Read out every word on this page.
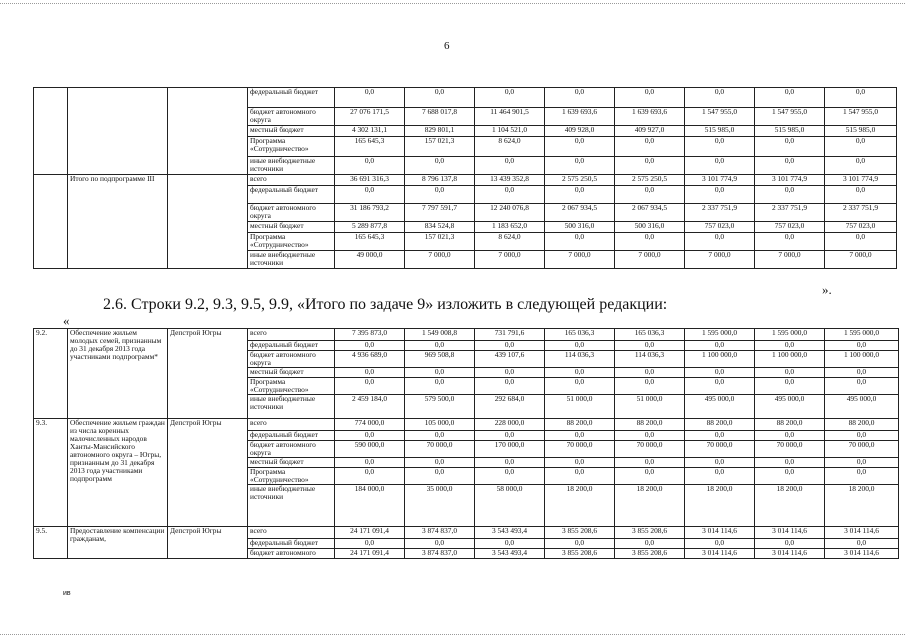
6
			федеральный бюджет	0,0	0,0	0,0	0,0	0,0	0,0	0,0	0,0
			бюджет автономного округа	27 076 171,5	7 688 017,8	11 464 901,5	1 639 693,6	1 639 693,6	1 547 955,0	1 547 955,0	1 547 955,0
			местный бюджет	4 302 131,1	829 801,1	1 104 521,0	409 928,0	409 927,0	515 985,0	515 985,0	515 985,0
			Программа «Сотрудничество»	165 645,3	157 021,3	8 624,0	0,0	0,0	0,0	0,0	0,0
			иные внебюджетные источники	0,0	0,0	0,0	0,0	0,0	0,0	0,0	0,0
	Итого по подпрограмме III		всего	36 691 316,3	8 796 137,8	13 439 352,8	2 575 250,5	2 575 250,5	3 101 774,9	3 101 774,9	3 101 774,9
			федеральный бюджет	0,0	0,0	0,0	0,0	0,0	0,0	0,0	0,0
			бюджет автономного округа	31 186 793,2	7 797 591,7	12 240 076,8	2 067 934,5	2 067 934,5	2 337 751,9	2 337 751,9	2 337 751,9
			местный бюджет	5 289 877,8	834 524,8	1 183 652,0	500 316,0	500 316,0	757 023,0	757 023,0	757 023,0
			Программа «Сотрудничество»	165 645,3	157 021,3	8 624,0	0,0	0,0	0,0	0,0	0,0
			иные внебюджетные источники	49 000,0	7 000,0	7 000,0	7 000,0	7 000,0	7 000,0	7 000,0	7 000,0
».
2.6. Строки 9.2, 9.3, 9.5, 9.9, «Итого по задаче 9» изложить в следующей редакции:
«
9.2.	Обеспечение жильем молодых семей, признанным до 31 декабря 2013 года участниками подпрограмм*	Депстрой Югры	всего	7 395 873,0	1 549 008,8	731 791,6	165 036,3	165 036,3	1 595 000,0	1 595 000,0	1 595 000,0
			федеральный бюджет	0,0	0,0	0,0	0,0	0,0	0,0	0,0	0,0
			бюджет автономного округа	4 936 689,0	969 508,8	439 107,6	114 036,3	114 036,3	1 100 000,0	1 100 000,0	1 100 000,0
			местный бюджет	0,0	0,0	0,0	0,0	0,0	0,0	0,0	0,0
			Программа «Сотрудничество»	0,0	0,0	0,0	0,0	0,0	0,0	0,0	0,0
			иные внебюджетные источники	2 459 184,0	579 500,0	292 684,0	51 000,0	51 000,0	495 000,0	495 000,0	495 000,0
9.3.	Обеспечение жильем граждан из числа коренных малочисленных народов Ханты-Мансийского автономного округа – Югры, признанным до 31 декабря 2013 года участниками подпрограмм	Депстрой Югры	всего	774 000,0	105 000,0	228 000,0	88 200,0	88 200,0	88 200,0	88 200,0	88 200,0
			федеральный бюджет	0,0	0,0	0,0	0,0	0,0	0,0	0,0	0,0
			бюджет автономного округа	590 000,0	70 000,0	170 000,0	70 000,0	70 000,0	70 000,0	70 000,0	70 000,0
			местный бюджет	0,0	0,0	0,0	0,0	0,0	0,0	0,0	0,0
			Программа «Сотрудничество»	0,0	0,0	0,0	0,0	0,0	0,0	0,0	0,0
			иные внебюджетные источники	184 000,0	35 000,0	58 000,0	18 200,0	18 200,0	18 200,0	18 200,0	18 200,0
9.5.	Предоставление компенсации гражданам,	Депстрой Югры	всего	24 171 091,4	3 874 837,0	3 543 493,4	3 855 208,6	3 855 208,6	3 014 114,6	3 014 114,6	3 014 114,6
			федеральный бюджет	0,0	0,0	0,0	0,0	0,0	0,0	0,0	0,0
			бюджет автономного	24 171 091,4	3 874 837,0	3 543 493,4	3 855 208,6	3 855 208,6	3 014 114,6	3 014 114,6	3 014 114,6
ив
